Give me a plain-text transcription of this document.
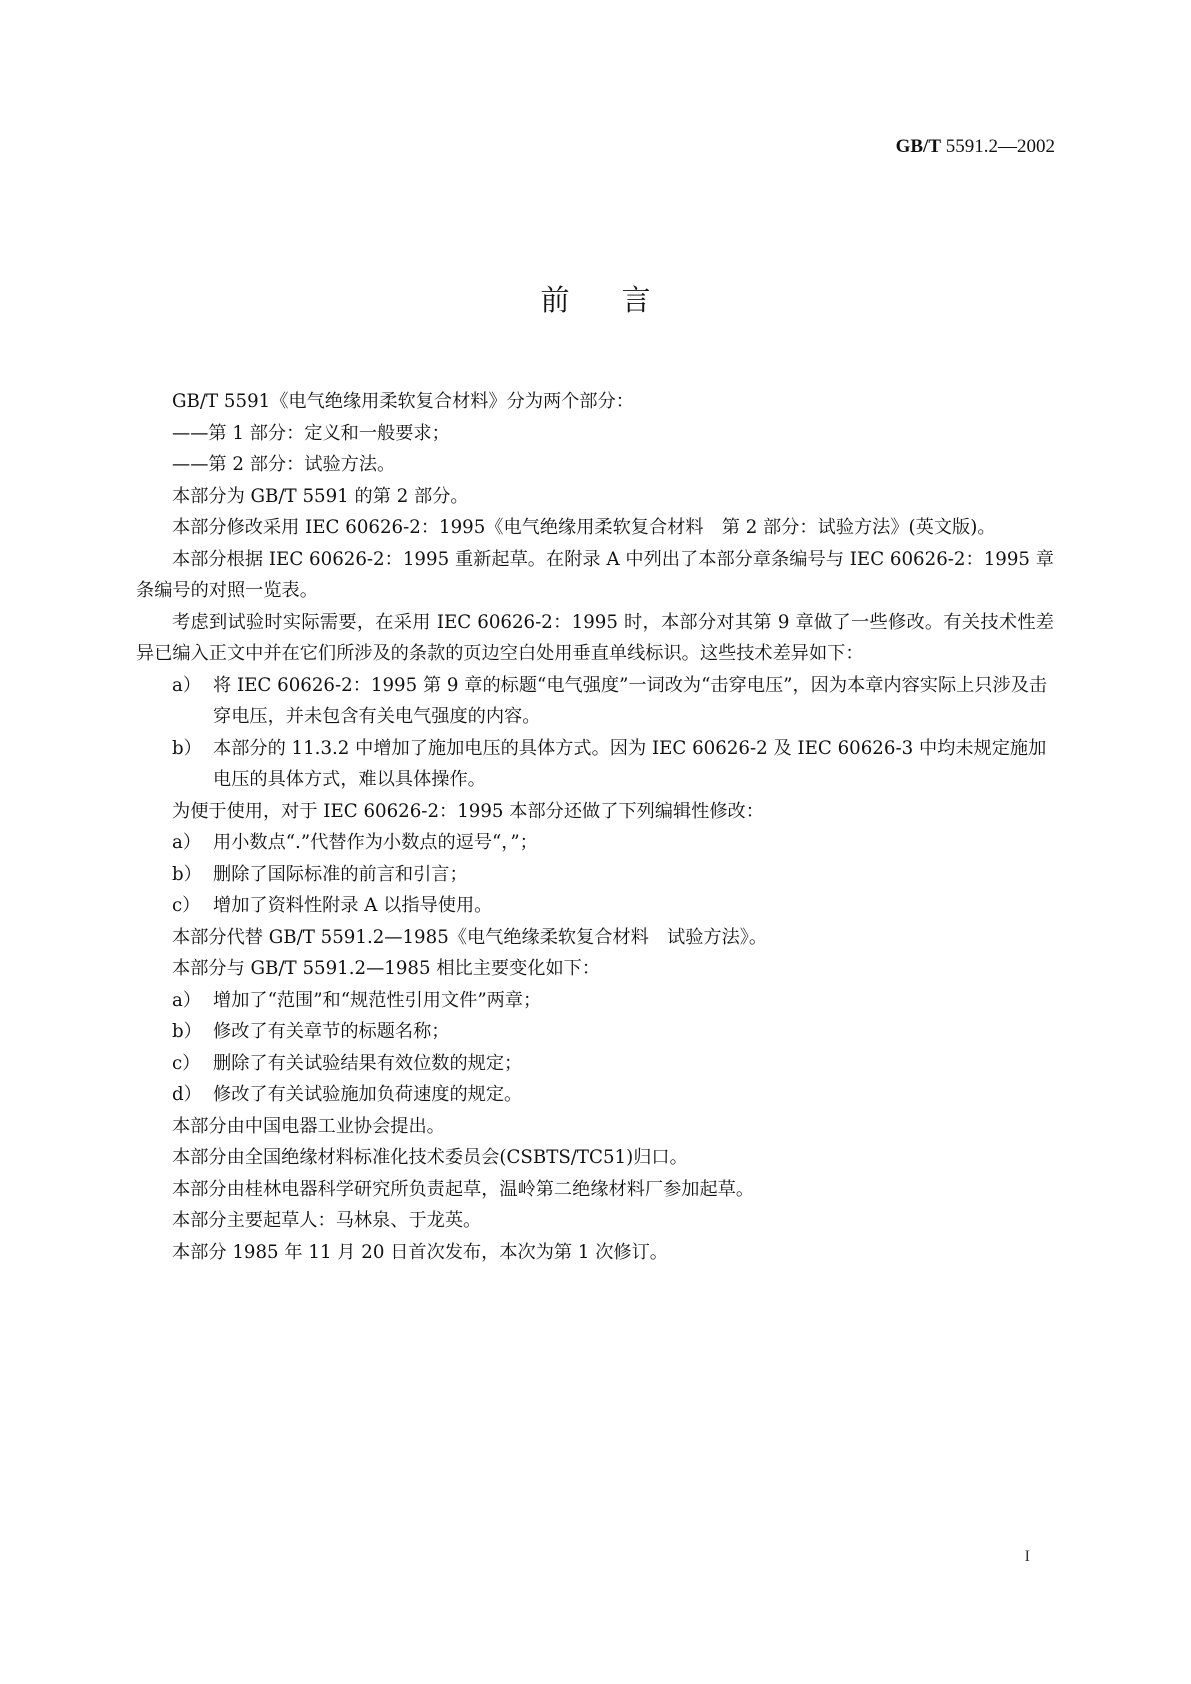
GB/T 5591.2—2002
前 言

GB/T 5591《电气绝缘用柔软复合材料》分为两个部分：

——第 1 部分：定义和一般要求；

——第 2 部分：试验方法。

本部分为 GB/T 5591 的第 2 部分。

本部分修改采用 IEC 60626-2：1995《电气绝缘用柔软复合材料　第 2 部分：试验方法》(英文版)。

本部分根据 IEC 60626-2：1995 重新起草。在附录 A 中列出了本部分章条编号与 IEC 60626-2：1995 章条编号的对照一览表。

考虑到试验时实际需要，在采用 IEC 60626-2：1995 时，本部分对其第 9 章做了一些修改。有关技术性差异已编入正文中并在它们所涉及的条款的页边空白处用垂直单线标识。这些技术差异如下：

a） 将 IEC 60626-2：1995 第 9 章的标题“电气强度”一词改为“击穿电压”，因为本章内容实际上只涉及击穿电压，并未包含有关电气强度的内容。

b） 本部分的 11.3.2 中增加了施加电压的具体方式。因为 IEC 60626-2 及 IEC 60626-3 中均未规定施加电压的具体方式，难以具体操作。

为便于使用，对于 IEC 60626-2：1995 本部分还做了下列编辑性修改：

a） 用小数点“.”代替作为小数点的逗号“，”；

b） 删除了国际标准的前言和引言；

c） 增加了资料性附录 A 以指导使用。

本部分代替 GB/T 5591.2—1985《电气绝缘柔软复合材料　试验方法》。

本部分与 GB/T 5591.2—1985 相比主要变化如下：

a） 增加了“范围”和“规范性引用文件”两章；

b） 修改了有关章节的标题名称；

c） 删除了有关试验结果有效位数的规定；

d） 修改了有关试验施加负荷速度的规定。

本部分由中国电器工业协会提出。

本部分由全国绝缘材料标准化技术委员会(CSBTS/TC51)归口。

本部分由桂林电器科学研究所负责起草，温岭第二绝缘材料厂参加起草。

本部分主要起草人：马林泉、于龙英。

本部分 1985 年 11 月 20 日首次发布，本次为第 1 次修订。

I
